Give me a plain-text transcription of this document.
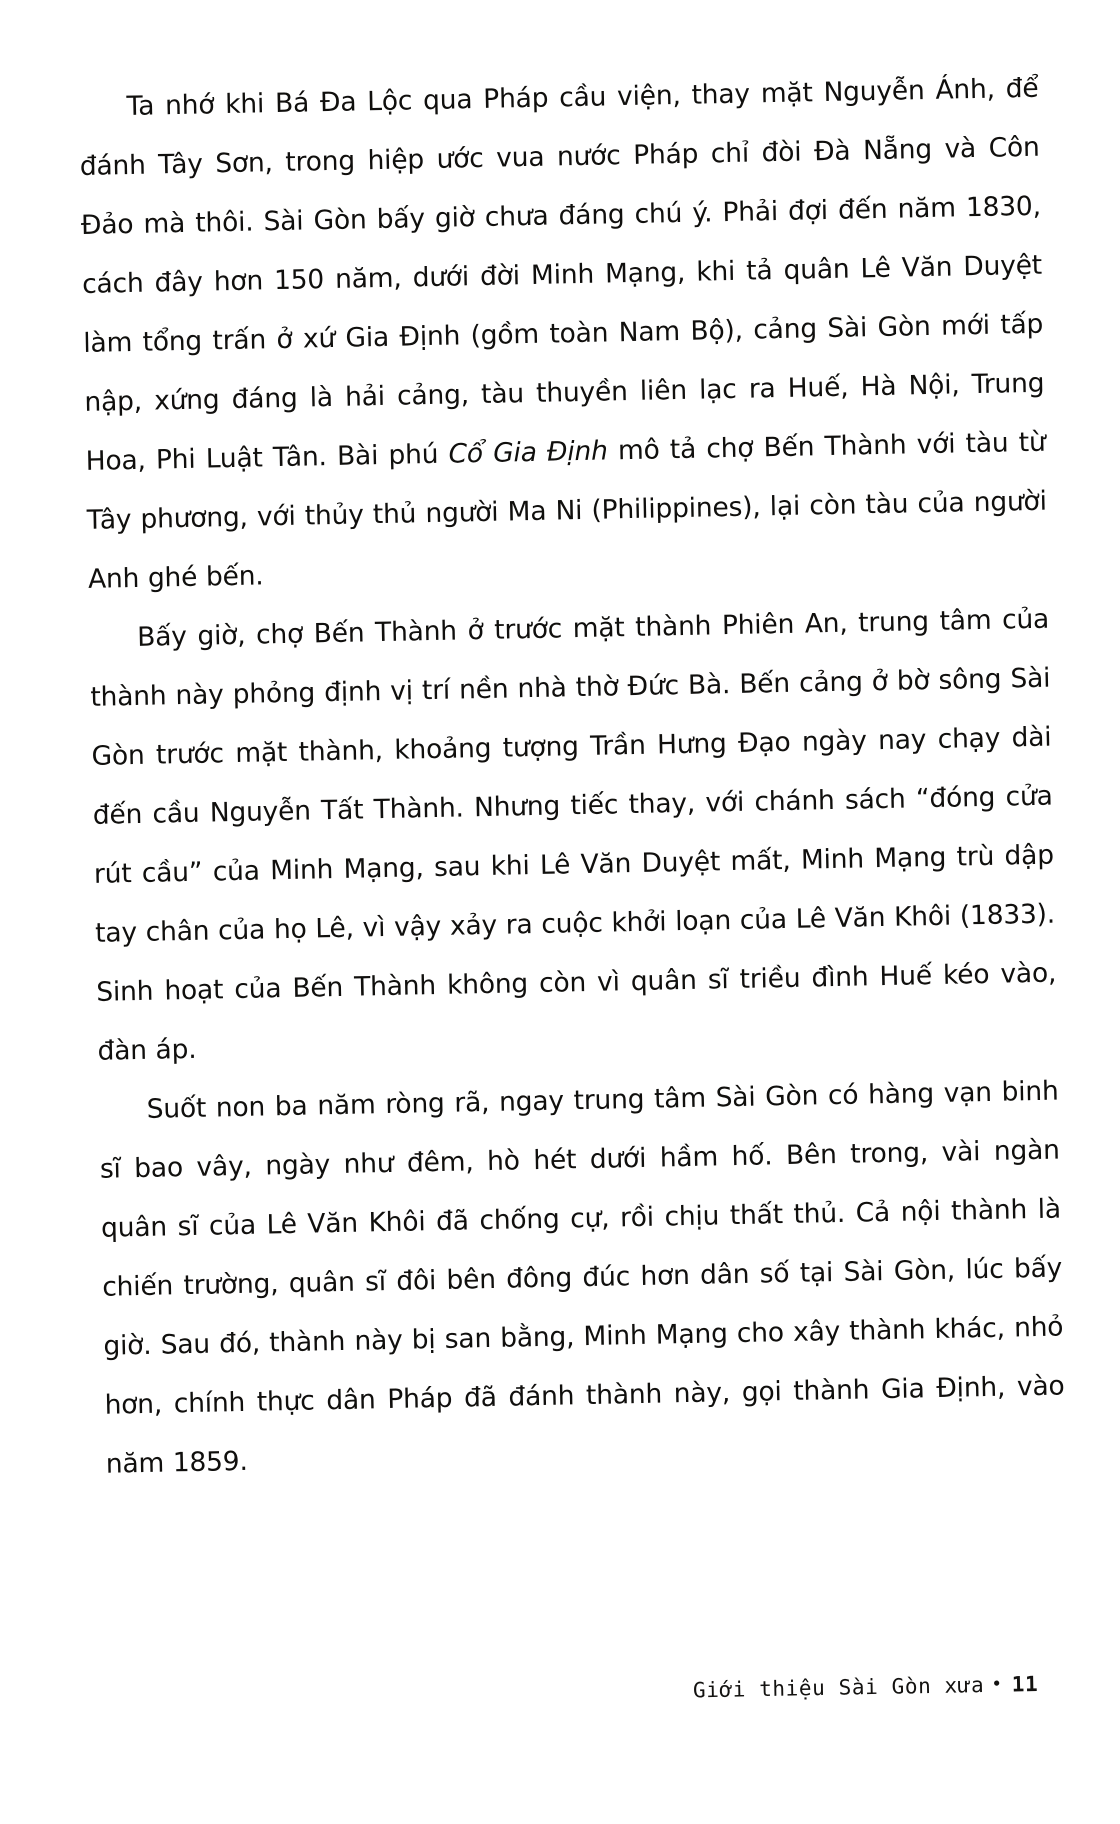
Ta nhớ khi Bá Đa Lộc qua Pháp cầu viện, thay mặt Nguyễn Ánh, để đánh Tây Sơn, trong hiệp ước vua nước Pháp chỉ đòi Đà Nẵng và Côn Đảo mà thôi. Sài Gòn bấy giờ chưa đáng chú ý. Phải đợi đến năm 1830, cách đây hơn 150 năm, dưới đời Minh Mạng, khi tả quân Lê Văn Duyệt làm tổng trấn ở xứ Gia Định (gồm toàn Nam Bộ), cảng Sài Gòn mới tấp nập, xứng đáng là hải cảng, tàu thuyền liên lạc ra Huế, Hà Nội, Trung Hoa, Phi Luật Tân. Bài phú Cổ Gia Định mô tả chợ Bến Thành với tàu từ Tây phương, với thủy thủ người Ma Ni (Philippines), lại còn tàu của người Anh ghé bến.

Bấy giờ, chợ Bến Thành ở trước mặt thành Phiên An, trung tâm của thành này phỏng định vị trí nền nhà thờ Đức Bà. Bến cảng ở bờ sông Sài Gòn trước mặt thành, khoảng tượng Trần Hưng Đạo ngày nay chạy dài đến cầu Nguyễn Tất Thành. Nhưng tiếc thay, với chánh sách “đóng cửa rút cầu” của Minh Mạng, sau khi Lê Văn Duyệt mất, Minh Mạng trù dập tay chân của họ Lê, vì vậy xảy ra cuộc khởi loạn của Lê Văn Khôi (1833). Sinh hoạt của Bến Thành không còn vì quân sĩ triều đình Huế kéo vào, đàn áp.

Suốt non ba năm ròng rã, ngay trung tâm Sài Gòn có hàng vạn binh sĩ bao vây, ngày như đêm, hò hét dưới hầm hố. Bên trong, vài ngàn quân sĩ của Lê Văn Khôi đã chống cự, rồi chịu thất thủ. Cả nội thành là chiến trường, quân sĩ đôi bên đông đúc hơn dân số tại Sài Gòn, lúc bấy giờ. Sau đó, thành này bị san bằng, Minh Mạng cho xây thành khác, nhỏ hơn, chính thực dân Pháp đã đánh thành này, gọi thành Gia Định, vào năm 1859.

Giới thiệu Sài Gòn xưa • 11
